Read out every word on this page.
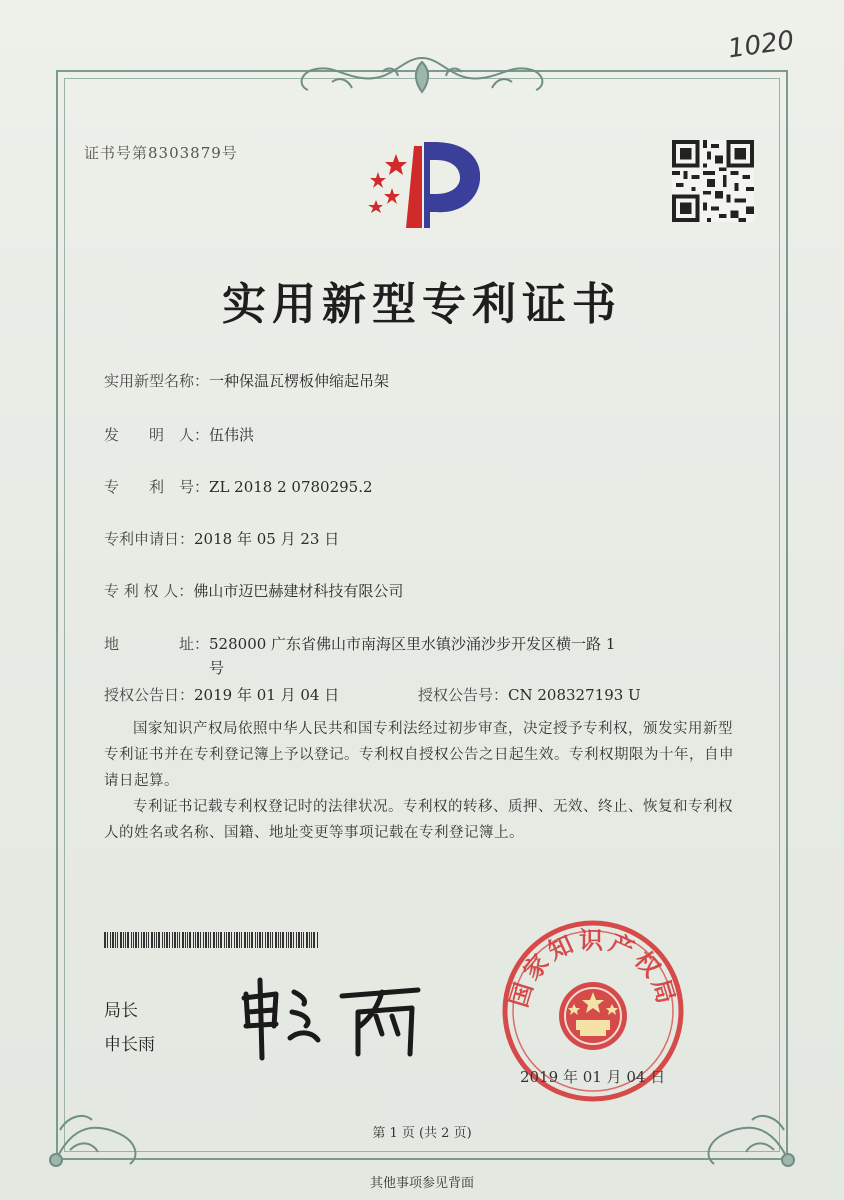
1020
证书号第8303879号
实用新型专利证书
实用新型名称：一种保温瓦楞板伸缩起吊架
发　　明　人：伍伟洪
专　　利　号：ZL 2018 2 0780295.2
专利申请日：2018 年 05 月 23 日
专 利 权 人：佛山市迈巴赫建材科技有限公司
地　　　　址：528000 广东省佛山市南海区里水镇沙涌沙步开发区横一路 1 号
授权公告日：2019 年 01 月 04 日	授权公告号：CN 208327193 U
国家知识产权局依照中华人民共和国专利法经过初步审查，决定授予专利权，颁发实用新型专利证书并在专利登记簿上予以登记。专利权自授权公告之日起生效。专利权期限为十年，自申请日起算。
专利证书记载专利权登记时的法律状况。专利权的转移、质押、无效、终止、恢复和专利权人的姓名或名称、国籍、地址变更等事项记载在专利登记簿上。
局长
申长雨
国家知识产权局
2019 年 01 月 04 日
第 1 页 (共 2 页)
其他事项参见背面
